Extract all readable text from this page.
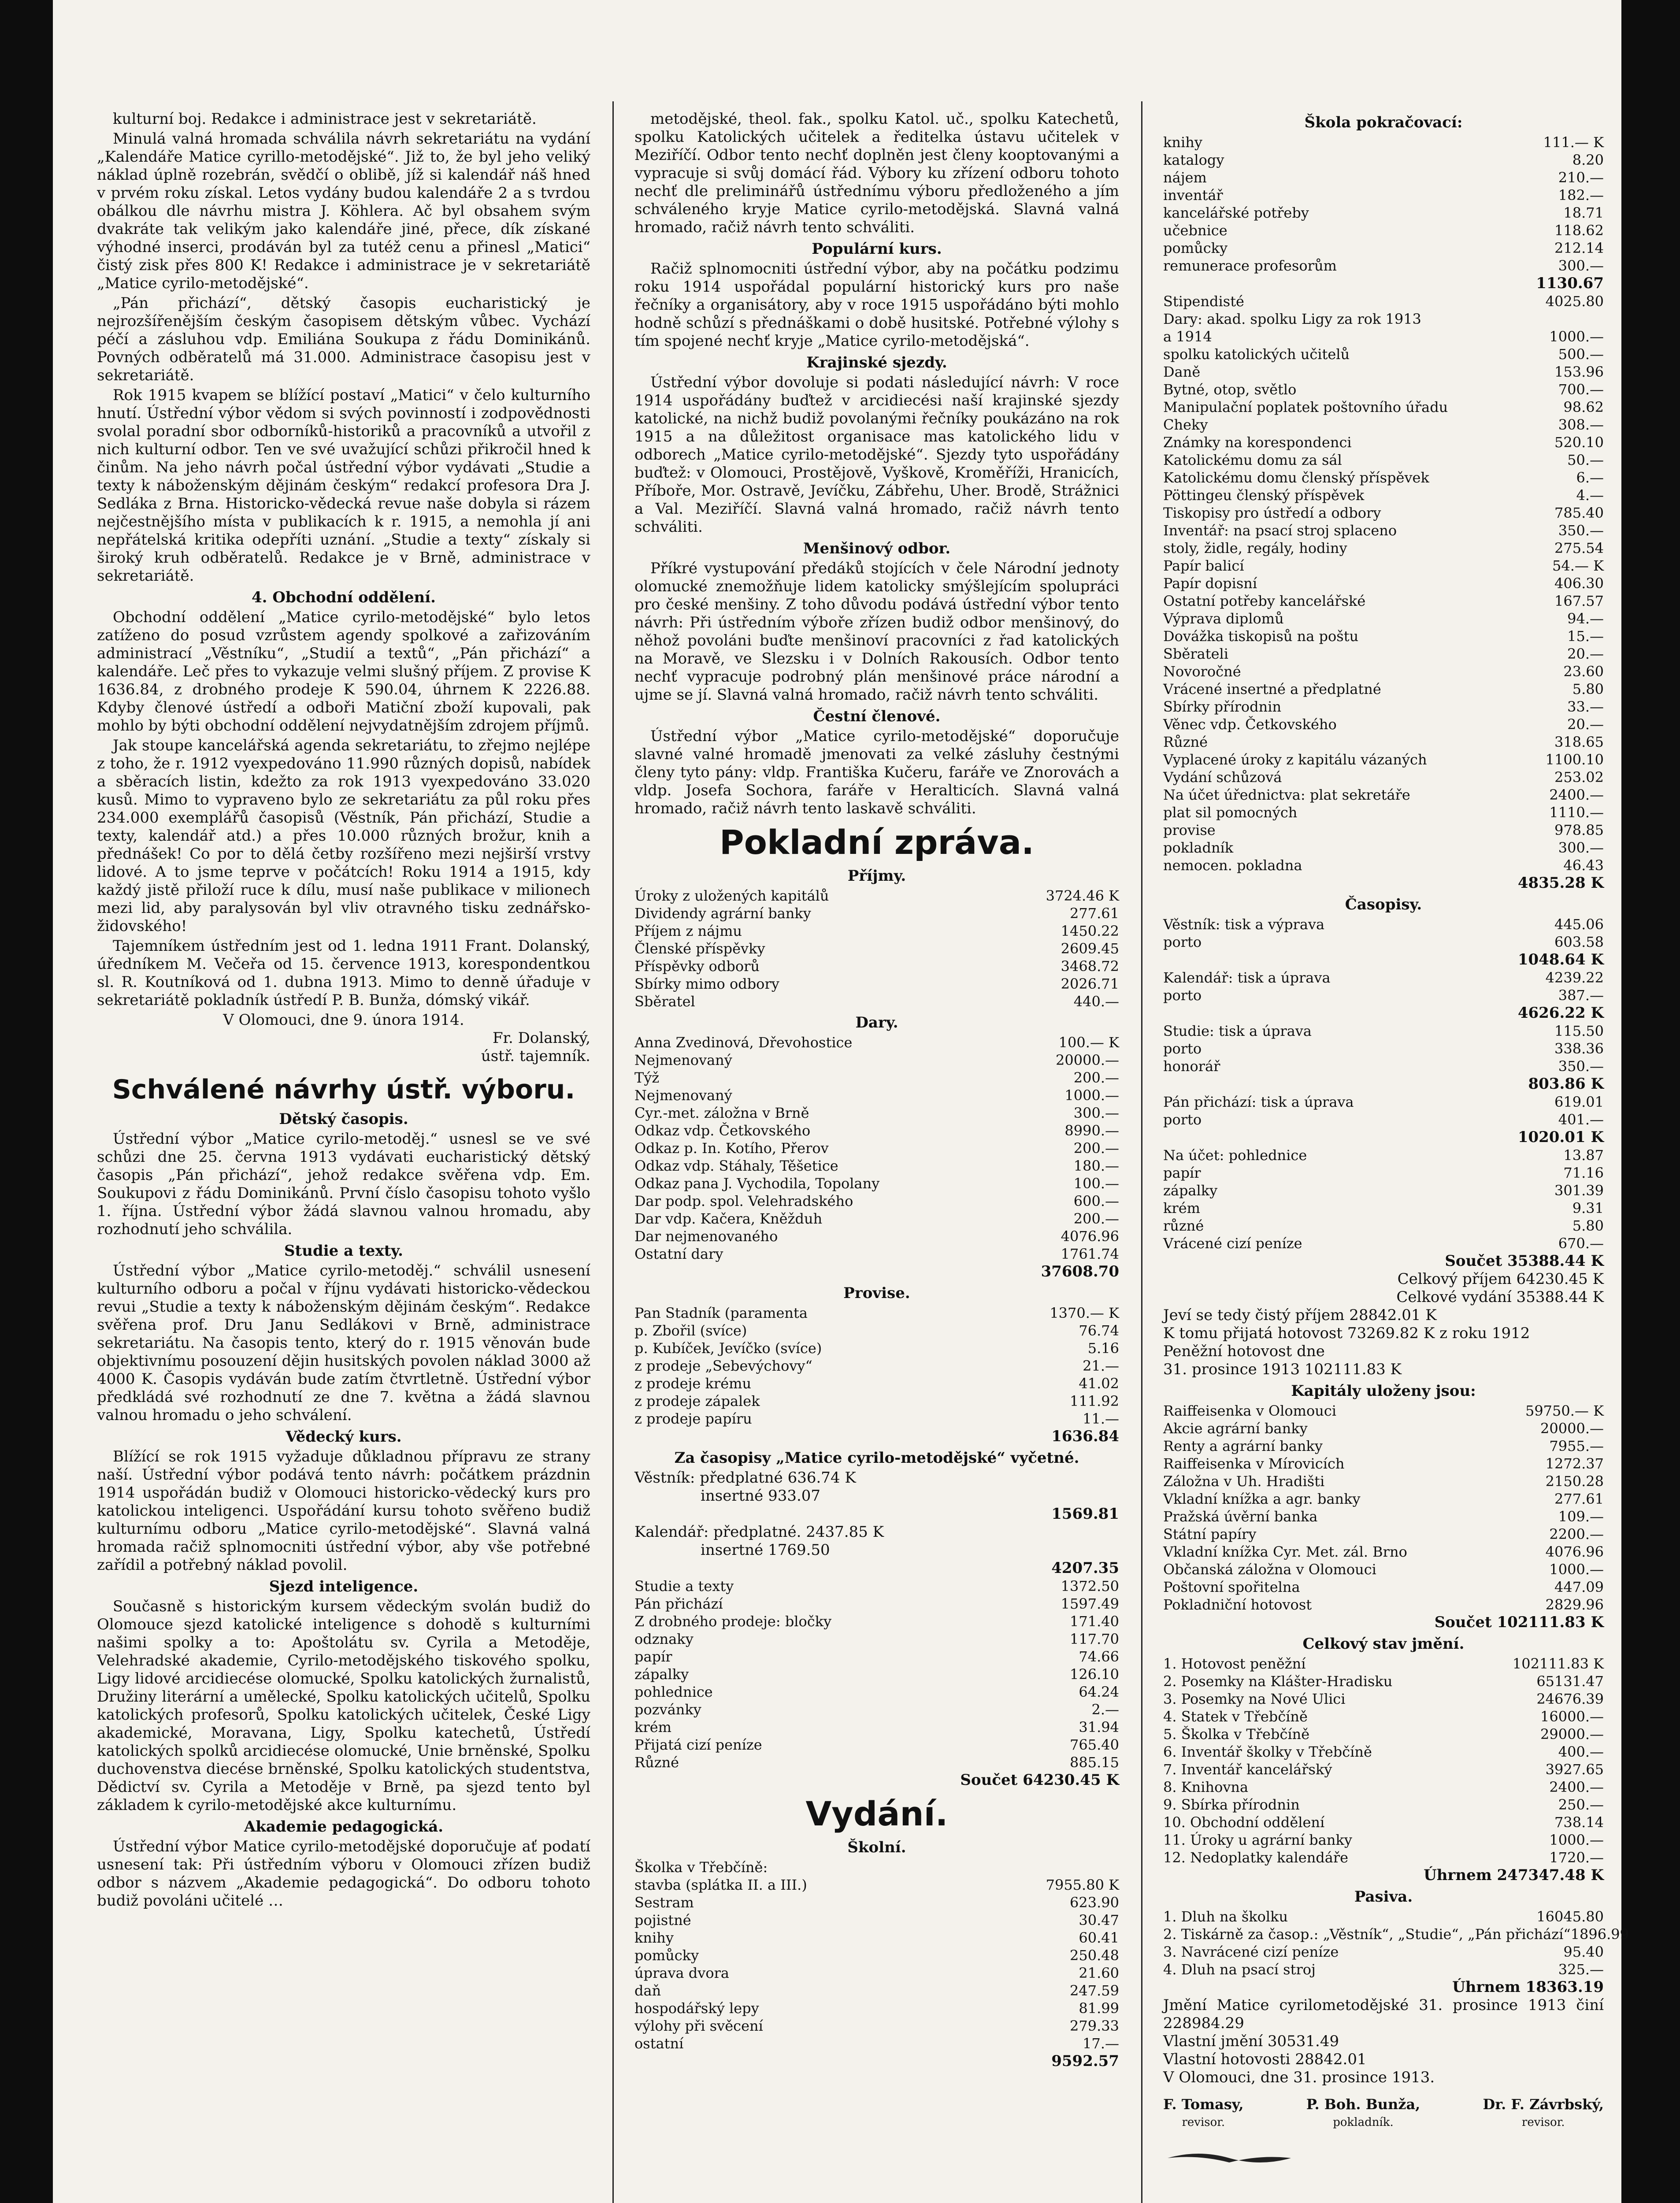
kulturní boj. Redakce i administrace jest v sekretariátě.

Minulá valná hromada schválila návrh sekretariátu na vydání „Kalendáře Matice cyrillo-metodějské“. Již to, že byl jeho veliký náklad úplně rozebrán, svědčí o oblibě, jíž si kalendář náš hned v prvém roku získal. Letos vydány budou kalendáře 2 a s tvrdou obálkou dle návrhu mistra J. Köhlera. Ač byl obsahem svým dvakráte tak velikým jako kalendáře jiné, přece, dík získané výhodné inserci, prodáván byl za tutéž cenu a přinesl „Matici“ čistý zisk přes 800 K! Redakce i administrace je v sekretariátě „Matice cyrilo-metodějské“.

„Pán přichází“, dětský časopis eucharistický je nejrozšířenějším českým časopisem dětským vůbec. Vychází péčí a zásluhou vdp. Emiliána Soukupa z řádu Dominikánů. Povných odběratelů má 31.000. Administrace časopisu jest v sekretariátě.

Rok 1915 kvapem se blížící postaví „Matici“ v čelo kulturního hnutí. Ústřední výbor vědom si svých povinností i zodpovědnosti svolal poradní sbor odborníků-historiků a pracovníků a utvořil z nich kulturní odbor. Ten ve své uvažující schůzi přikročil hned k činům. Na jeho návrh počal ústřední výbor vydávati „Studie a texty k náboženským dějinám českým“ redakcí profesora Dra J. Sedláka z Brna. Historicko-vědecká revue naše dobyla si rázem nejčestnějšího místa v publikacích k r. 1915, a nemohla jí ani nepřátelská kritika odepříti uznání. „Studie a texty“ získaly si široký kruh odběratelů. Redakce je v Brně, administrace v sekretariátě.

4. Obchodní oddělení.

Obchodní oddělení „Matice cyrilo-metodějské“ bylo letos zatíženo do posud vzrůstem agendy spolkové a zařizováním administrací „Věstníku“, „Studií a textů“, „Pán přichází“ a kalendáře. Leč přes to vykazuje velmi slušný příjem. Z provise K 1636.84, z drobného prodeje K 590.04, úhrnem K 2226.88. Kdyby členové ústředí a odboři Matiční zboží kupovali, pak mohlo by býti obchodní oddělení nejvydatnějším zdrojem příjmů.

Jak stoupe kancelářská agenda sekretariátu, to zřejmo nejlépe z toho, že r. 1912 vyexpedováno 11.990 různých dopisů, nabídek a sběracích listin, kdežto za rok 1913 vyexpedováno 33.020 kusů. Mimo to vypraveno bylo ze sekretariátu za půl roku přes 234.000 exemplářů časopisů (Věstník, Pán přichází, Studie a texty, kalendář atd.) a přes 10.000 různých brožur, knih a přednášek! Co por to dělá četby rozšířeno mezi nejširší vrstvy lidové. A to jsme teprve v počátcích! Roku 1914 a 1915, kdy každý jistě přiloží ruce k dílu, musí naše publikace v milionech mezi lid, aby paralysován byl vliv otravného tisku zednářsko-židovského!

Tajemníkem ústředním jest od 1. ledna 1911 Frant. Dolanský, úředníkem M. Večeřa od 15. července 1913, korespondentkou sl. R. Koutníková od 1. dubna 1913. Mimo to denně úřaduje v sekretariátě pokladník ústředí P. B. Bunža, dómský vikář.

V Olomouci, dne 9. února 1914.
Fr. Dolanský,
ústř. tajemník.
Schválené návrhy ústř. výboru.
Dětský časopis.

Ústřední výbor „Matice cyrilo-metoděj.“ usnesl se ve své schůzi dne 25. června 1913 vydávati eucharistický dětský časopis „Pán přichází“, jehož redakce svěřena vdp. Em. Soukupovi z řádu Dominikánů. První číslo časopisu tohoto vyšlo 1. října. Ústřední výbor žádá slavnou valnou hromadu, aby rozhodnutí jeho schválila.

Studie a texty.

Ústřední výbor „Matice cyrilo-metoděj.“ schválil usnesení kulturního odboru a počal v říjnu vydávati historicko-vědeckou revui „Studie a texty k náboženským dějinám českým“. Redakce svěřena prof. Dru Janu Sedlákovi v Brně, administrace sekretariátu. Na časopis tento, který do r. 1915 věnován bude objektivnímu posouzení dějin husitských povolen náklad 3000 až 4000 K. Časopis vydáván bude zatím čtvrtletně. Ústřední výbor předkládá své rozhodnutí ze dne 7. května a žádá slavnou valnou hromadu o jeho schválení.

Vědecký kurs.

Blížící se rok 1915 vyžaduje důkladnou přípravu ze strany naší. Ústřední výbor podává tento návrh: počátkem prázdnin 1914 uspořádán budiž v Olomouci historicko-vědecký kurs pro katolickou inteligenci. Uspořádání kursu tohoto svěřeno budiž kulturnímu odboru „Matice cyrilo-metodějské“. Slavná valná hromada račiž splnomocniti ústřední výbor, aby vše potřebné zařídil a potřebný náklad povolil.

Sjezd inteligence.

Současně s historickým kursem vědeckým svolán budiž do Olomouce sjezd katolické inteligence s dohodě s kulturními našimi spolky a to: Apoštolátu sv. Cyrila a Metoděje, Velehradské akademie, Cyrilo-metodějského tiskového spolku, Ligy lidové arcidiecése olomucké, Spolku katolických žurnalistů, Družiny literární a umělecké, Spolku katolických učitelů, Spolku katolických profesorů, Spolku katolických učitelek, České Ligy akademické, Moravana, Ligy, Spolku katechetů, Ústředí katolických spolků arcidiecése olomucké, Unie brněnské, Spolku duchovenstva diecése brněnské, Spolku katolických studentstva, Dědictví sv. Cyrila a Metoděje v Brně, pa sjezd tento byl základem k cyrilo-metodějské akce kulturnímu.

Akademie pedagogická.

Ústřední výbor Matice cyrilo-metodějské doporučuje ať podatí usnesení tak: Při ústředním výboru v Olomouci zřízen budiž odbor s názvem „Akademie pedagogická“. Do odboru tohoto budiž povoláni učitelé …

metodějské, theol. fak., spolku Katol. uč., spolku Katechetů, spolku Katolických učitelek a ředitelka ústavu učitelek v Meziříčí. Odbor tento nechť doplněn jest členy kooptovanými a vypracuje si svůj domácí řád. Výbory ku zřízení odboru tohoto nechť dle preliminářů ústřednímu výboru předloženého a jím schváleného kryje Matice cyrilo-metodějská. Slavná valná hromado, račiž návrh tento schváliti.

Populární kurs.

Račiž splnomocniti ústřední výbor, aby na počátku podzimu roku 1914 uspořádal populární historický kurs pro naše řečníky a organisátory, aby v roce 1915 uspořádáno býti mohlo hodně schůzí s přednáškami o době husitské. Potřebné výlohy s tím spojené nechť kryje „Matice cyrilo-metodějská“.

Krajinské sjezdy.

Ústřední výbor dovoluje si podati následující návrh: V roce 1914 uspořádány buďtež v arcidiecési naší krajinské sjezdy katolické, na nichž budiž povolanými řečníky poukázáno na rok 1915 a na důležitost organisace mas katolického lidu v odborech „Matice cyrilo-metodějské“. Sjezdy tyto uspořádány buďtež: v Olomouci, Prostějově, Vyškově, Kroměříži, Hranicích, Příboře, Mor. Ostravě, Jevíčku, Zábřehu, Uher. Brodě, Strážnici a Val. Meziříčí. Slavná valná hromado, račiž návrh tento schváliti.

Menšinový odbor.

Příkré vystupování předáků stojících v čele Národní jednoty olomucké znemožňuje lidem katolicky smýšlejícím spolupráci pro české menšiny. Z toho důvodu podává ústřední výbor tento návrh: Při ústředním výboře zřízen budiž odbor menšinový, do něhož povoláni buďte menšinoví pracovníci z řad katolických na Moravě, ve Slezsku i v Dolních Rakousích. Odbor tento nechť vypracuje podrobný plán menšinové práce národní a ujme se jí. Slavná valná hromado, račiž návrh tento schváliti.

Čestní členové.

Ústřední výbor „Matice cyrilo-metodějské“ doporučuje slavné valné hromadě jmenovati za velké zásluhy čestnými členy tyto pány: vldp. Františka Kučeru, faráře ve Znorovách a vldp. Josefa Sochora, faráře v Heralticích. Slavná valná hromado, račiž návrh tento laskavě schváliti.

Pokladní zpráva.
Příjmy.
Úroky z uložených kapitálů	3724.46 K
Dividendy agrární banky	277.61
Příjem z nájmu	1450.22
Členské příspěvky	2609.45
Příspěvky odborů	3468.72
Sbírky mimo odbory	2026.71
Sběratel	440.—
Dary.
Anna Zvedinová, Dřevohostice	100.— K
Nejmenovaný	20000.—
Týž	200.—
Nejmenovaný	1000.—
Cyr.-met. záložna v Brně	300.—
Odkaz vdp. Četkovského	8990.—
Odkaz p. In. Kotího, Přerov	200.—
Odkaz vdp. Stáhaly, Těšetice	180.—
Odkaz pana J. Vychodila, Topolany	100.—
Dar podp. spol. Velehradského	600.—
Dar vdp. Kačera, Kněžduh	200.—
Dar nejmenovaného	4076.96
Ostatní dary	1761.74
37608.70
Provise.
Pan Stadník (paramenta	1370.— K
p. Zbořil (svíce)	76.74
p. Kubíček, Jevíčko (svíce)	5.16
z prodeje „Sebevýchovy“	21.—
z prodeje krému	41.02
z prodeje zápalek	111.92
z prodeje papíru	11.—
1636.84
Za časopisy „Matice cyrilo-metodějské“ vyčetné.
Věstník: předplatné 636.74 K
insertné 933.07
1569.81
Kalendář: předplatné. 2437.85 K
insertné 1769.50
4207.35
Studie a texty	1372.50
Pán přichází	1597.49
Z drobného prodeje: bločky	171.40
odznaky	117.70
papír	74.66
zápalky	126.10
pohlednice	64.24
pozvánky	2.—
krém	31.94
Přijatá cizí peníze	765.40
Různé	885.15
Součet 64230.45 K
Vydání.
Školní.
Školka v Třebčíně:
stavba (splátka II. a III.)	7955.80 K
Sestram	623.90
pojistné	30.47
knihy	60.41
pomůcky	250.48
úprava dvora	21.60
daň	247.59
hospodářský lepy	81.99
výlohy při svěcení	279.33
ostatní	17.—
9592.57
Škola pokračovací:
knihy	111.— K
katalogy	8.20
nájem	210.—
inventář	182.—
kancelářské potřeby	18.71
učebnice	118.62
pomůcky	212.14
remunerace profesorům	300.—
1130.67
Stipendisté	4025.80
Dary: akad. spolku Ligy za rok 1913
a 1914	1000.—
spolku katolických učitelů	500.—
Daně	153.96
Bytné, otop, světlo	700.—
Manipulační poplatek poštovního úřadu	98.62
Cheky	308.—
Známky na korespondenci	520.10
Katolickému domu za sál	50.—
Katolickému domu členský příspěvek	6.—
Pöttingeu členský příspěvek	4.—
Tiskopisy pro ústředí a odbory	785.40
Inventář: na psací stroj splaceno	350.—
stoly, židle, regály, hodiny	275.54
Papír balicí	54.— K
Papír dopisní	406.30
Ostatní potřeby kancelářské	167.57
Výprava diplomů	94.—
Dovážka tiskopisů na poštu	15.—
Sběrateli	20.—
Novoročné	23.60
Vrácené insertné a předplatné	5.80
Sbírky přírodnin	33.—
Věnec vdp. Četkovského	20.—
Různé	318.65
Vyplacené úroky z kapitálu vázaných	1100.10
Vydání schůzová	253.02
Na účet úřednictva: plat sekretáře	2400.—
plat sil pomocných	1110.—
provise	978.85
pokladník	300.—
nemocen. pokladna	46.43
4835.28 K
Časopisy.
Věstník: tisk a výprava	445.06
porto	603.58
1048.64 K
Kalendář: tisk a úprava	4239.22
porto	387.—
4626.22 K
Studie: tisk a úprava	115.50
porto	338.36
honorář	350.—
803.86 K
Pán přichází: tisk a úprava	619.01
porto	401.—
1020.01 K
Na účet: pohlednice	13.87
papír	71.16
zápalky	301.39
krém	9.31
různé	5.80
Vrácené cizí peníze	670.—
Součet 35388.44 K
Celkový příjem 64230.45 K
Celkové vydání 35388.44 K
Jeví se tedy čistý příjem 28842.01 K
K tomu přijatá hotovost 73269.82 K z roku 1912
Peněžní hotovost dne
31. prosince 1913 102111.83 K
Kapitály uloženy jsou:
Raiffeisenka v Olomouci	59750.— K
Akcie agrární banky	20000.—
Renty a agrární banky	7955.—
Raiffeisenka v Mírovicích	1272.37
Záložna v Uh. Hradišti	2150.28
Vkladní knížka a agr. banky	277.61
Pražská úvěrní banka	109.—
Státní papíry	2200.—
Vkladní knížka Cyr. Met. zál. Brno	4076.96
Občanská záložna v Olomouci	1000.—
Poštovní spořitelna	447.09
Pokladniční hotovost	2829.96
Součet 102111.83 K
Celkový stav jmění.
1. Hotovost peněžní	102111.83 K
2. Posemky na Klášter-Hradisku	65131.47
3. Posemky na Nové Ulici	24676.39
4. Statek v Třebčíně	16000.—
5. Školka v Třebčíně	29000.—
6. Inventář školky v Třebčíně	400.—
7. Inventář kancelářský	3927.65
8. Knihovna	2400.—
9. Sbírka přírodnin	250.—
10. Obchodní oddělení	738.14
11. Úroky u agrární banky	1000.—
12. Nedoplatky kalendáře	1720.—
Úhrnem 247347.48 K
Pasiva.
1. Dluh na školku	16045.80
2. Tiskárně za časop.: „Věstník“, „Studie“, „Pán přichází“ 1896.99
3. Navrácené cizí peníze	95.40
4. Dluh na psací stroj	325.—
Úhrnem 18363.19
Jmění Matice cyrilometodějské 31. prosince 1913 činí 228984.29
Vlastní jmění 30531.49
Vlastní hotovosti 28842.01
V Olomouci, dne 31. prosince 1913.
F. Tomasy,
revisor.
P. Boh. Bunža,
pokladník.
Dr. F. Závrbský,
revisor.
